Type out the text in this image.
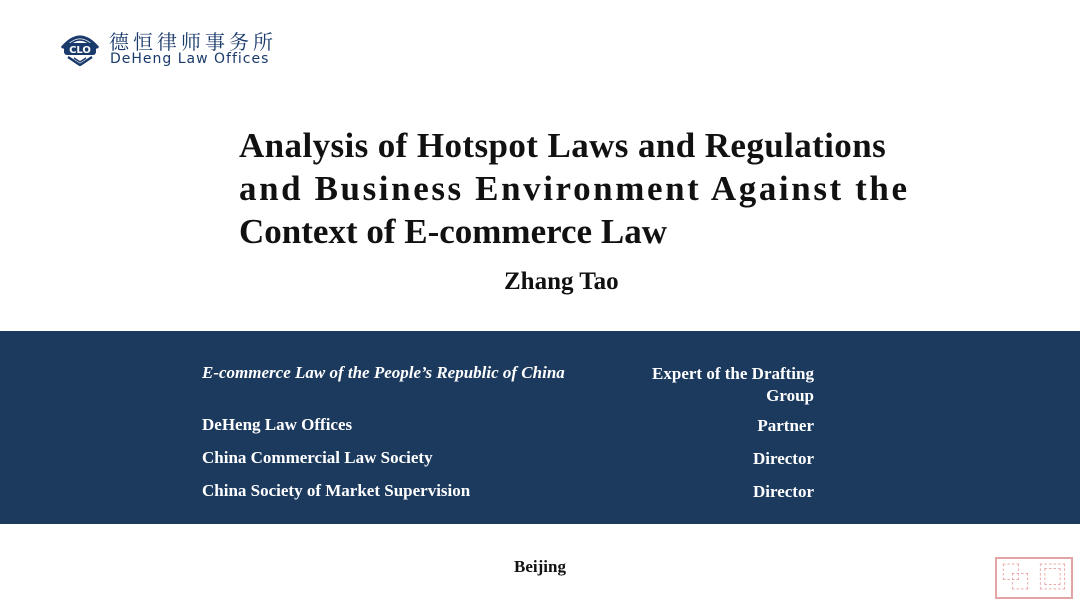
CLO 德恒律师事务所
DeHeng Law Offices
Analysis of Hotspot Laws and Regulations
and Business Environment Against the
Context of E-commerce Law
Zhang Tao
E-commerce Law of the People’s Republic of China	Expert of the Drafting Group
DeHeng Law Offices	Partner
China Commercial Law Society	Director
China Society of Market Supervision	Director
Beijing	⿻ ⿴
